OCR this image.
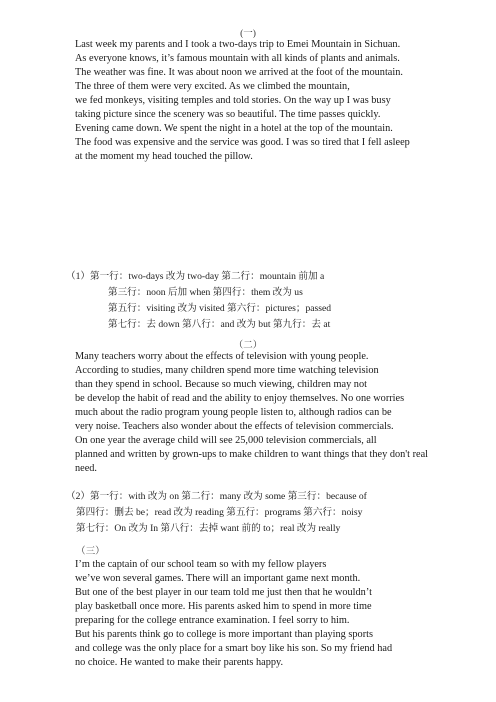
(一)
Last week my parents and I took a two-days trip to Emei Mountain in Sichuan.
As everyone knows, it’s famous mountain with all kinds of plants and animals.
The weather was fine. It was about noon we arrived at the foot of the mountain.
The three of them were very excited. As we climbed the mountain,
we fed monkeys, visiting temples and told stories. On the way up I was busy
taking picture since the scenery was so beautiful. The time passes quickly.
Evening came down. We spent the night in a hotel at the top of the mountain.
The food was expensive and the service was good. I was so tired that I fell asleep
at the moment my head touched the pillow.
（1）第一行：two-days 改为 two-day 第二行：mountain 前加 a
第三行：noon 后加 when 第四行：them 改为 us
第五行：visiting 改为 visited 第六行：pictures；passed
第七行：去 down 第八行：and 改为 but 第九行：去 at
（二）
Many teachers worry about the effects of television with young people.
According to studies, many children spend more time watching television
than they spend in school. Because so much viewing, children may not
be develop the habit of read and the ability to enjoy themselves. No one worries
much about the radio program young people listen to, although radios can be
very noise. Teachers also wonder about the effects of television commercials.
On one year the average child will see 25,000 television commercials, all
planned and written by grown-ups to make children to want things that they don't real
need.
（2）第一行：with 改为 on 第二行：many 改为 some 第三行：because of
第四行：删去 be；read 改为 reading 第五行：programs 第六行：noisy
第七行：On 改为 In 第八行：去掉 want 前的 to；real 改为 really
（三）
I’m the captain of our school team so with my fellow players
we’ve won several games. There will an important game next month.
But one of the best player in our team told me just then that he wouldn’t
play basketball once more. His parents asked him to spend in more time
preparing for the college entrance examination. I feel sorry to him.
But his parents think go to college is more important than playing sports
and college was the only place for a smart boy like his son. So my friend had
no choice. He wanted to make their parents happy.
